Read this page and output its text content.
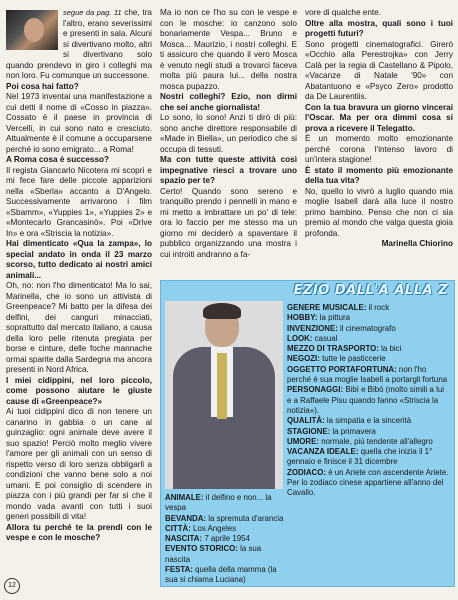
segue da pag. 11 che, tra l'altro, erano severissimi e presenti in sala. Alcuni si divertivano molto, altri si divertivano solo quando prendevo in giro i colleghi ma non loro. Fu comunque un successone.

Poi cosa hai fatto?

Nel 1973 inventai una manifestazione a cui detti il nome di «Cosso in piazza». Cossato è il paese in provincia di Vercelli, in cui sono nato e cresciuto. Attualmente è il comune a occuparsene perché io sono emigrato... a Roma!

A Roma cosa è successo?

Il regista Giancarlo Nicotera mi scoprì e mi fece fare delle piccole apparizioni nella «Sberla» accanto a D'Angelo. Successivamente arrivarono i film «Sbamm», «Yuppies 1», «Yuppies 2» e «Montecarlo Grancasinò». Poi «Drive In» e ora «Striscia la notizia».

Hai dimenticato «Qua la zampa», lo special andato in onda il 23 marzo scorso, tutto dedicato ai nostri amici animali...

Oh, no: non l'ho dimenticato! Ma lo sai, Marinella, che io sono un attivista di Greenpeace? Mi batto per la difesa dei delfini, dei canguri minacciati, soprattutto dal mercato italiano, a causa della loro pelle ritenuta pregiata per borse e cinture, delle foche mannache ormai sparite dalla Sardegna ma ancora presenti in Nord Africa.

I miei cidippini, nel loro piccolo, come possono aiutare le giuste cause di «Greenpeace?»

Ai tuoi cidippini dico di non tenere un canarino in gabbia o un cane al guinzaglio: ogni animale deve avere il suo spazio! Perciò molto meglio vivere l'amore per gli animali con un senso di rispetto verso di loro senza obbligarli a condizioni che vanno bene solo a noi umani. E poi consiglio di scendere in piazza con i più grandi per far sì che il mondo vada avanti con tutti i suoi generi possibili di vita!

Allora tu perché te la prendi con le vespe e con le mosche?

Ma io non ce l'ho su con le vespe e con le mosche: io canzono solo bonariamente Vespa... Bruno e Mosca... Maurizio, i nostri colleghi. E ti assicuro che quando il vero Mosca è venuto negli studi a trovarci faceva molta più paura lui... della nostra mosca pupazzo.

Nostri colleghi? Ezio, non dirmi che sei anche giornalista!

Lo sono, lo sono! Anzi ti dirò di più: sono anche direttore responsabile di «Made in Biella», un periodico che si occupa di tessuti.

Ma con tutte queste attività così impegnative riesci a trovare uno spazio per te?

Certo! Quando sono sereno e tranquillo prendo i pennelli in mano e mi metto a imbrattare un po' di tele: ora lo faccio per me stesso ma un giorno mi deciderò a spaventare il pubblico organizzando una mostra i cui introiti andranno a fa-

vore di qualche ente.

Oltre alla mostra, quali sono i tuoi progetti futuri?

Sono progetti cinematografici. Girerò «Occhio alla Perestrojka» con Jerry Calà per la regia di Castellano & Pipolo, «Vacanze di Natale '90» con Abatantuono e «Psyco Zero» prodotto da De Laurentiis.

Con la tua bravura un giorno vincerai l'Oscar. Ma per ora dimmi cosa si prova a ricevere il Telegatto.

È un momento molto emozionante perché corona l'intenso lavoro di un'intera stagione!

È stato il momento più emozionante della tua vita?

No, quello lo vivrò a luglio quando mia moglie Isabell darà alla luce il nostro primo bambino. Penso che non ci sia premio al mondo che valga questa gioia profonda.

Marinella Chiorino

EZIO DALL'A ALLA Z

GENERE MUSICALE: il rock

HOBBY: la pittura

INVENZIONE: il cinematografo

LOOK: casual

MEZZO DI TRASPORTO: la bici

NEGOZI: tutte le pasticcerie

OGGETTO PORTAFORTUNA: non l'ho perché è sua moglie Isabell a portargli fortuna

PERSONAGGI: Bibì e Bibò (molto simili a lui e a Raffaele Pisu quando fanno «Striscia la notizia»).

QUALITÀ: la simpatia e la sincerità

STAGIONE: la primavera

UMORE: normale, più tendente all'allegro

VACANZA IDEALE: quella che inizia il 1° gennaio e finisce il 31 dicembre

ZODIACO: è un Ariete con ascendente Ariete. Per lo zodiaco cinese appartiene all'anno del Cavallo.

ANIMALE: il delfino e non... la vespa

BEVANDA: la spremuta d'arancia

CITTÀ: Los Angeles

NASCITA: 7 aprile 1954

EVENTO STORICO: la sua nascita

FESTA: quella della mamma (la sua si chiama Luciana)

12
